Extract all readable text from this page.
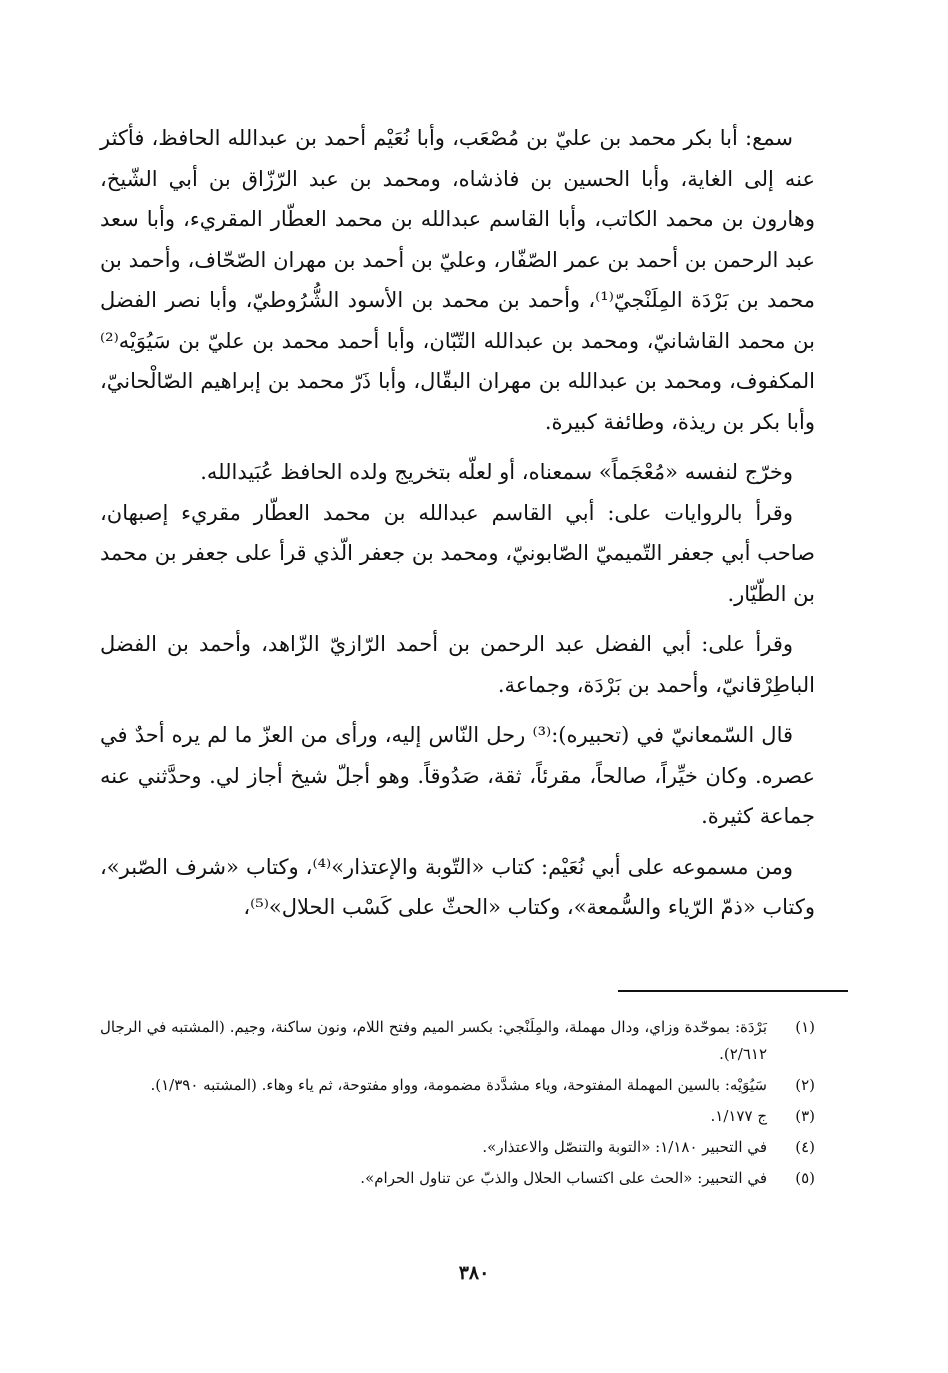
سمع: أبا بكر محمد بن عليّ بن مُصْعَب، وأبا نُعَيْم أحمد بن عبدالله الحافظ، فأكثر عنه إلى الغاية، وأبا الحسين بن فاذشاه، ومحمد بن عبد الرّزّاق بن أبي الشّيخ، وهارون بن محمد الكاتب، وأبا القاسم عبدالله بن محمد العطّار المقريء، وأبا سعد عبد الرحمن بن أحمد بن عمر الصّفّار، وعليّ بن أحمد بن مهران الصّحّاف، وأحمد بن محمد بن بَرْدَة المِلَنْجيّ⁽¹⁾، وأحمد بن محمد بن الأسود الشُّرُوطيّ، وأبا نصر الفضل بن محمد القاشانيّ، ومحمد بن عبدالله التّبّان، وأبا أحمد محمد بن عليّ بن سَيُوَيْه⁽²⁾ المكفوف، ومحمد بن عبدالله بن مهران البقّال، وأبا ذَرّ محمد بن إبراهيم الصّالْحانيّ، وأبا بكر بن ريذة، وطائفة كبيرة.

وخرّج لنفسه «مُعْجَماً» سمعناه، أو لعلّه بتخريج ولده الحافظ عُبَيدالله.

وقرأ بالروايات على: أبي القاسم عبدالله بن محمد العطّار مقريء إصبهان، صاحب أبي جعفر التّميميّ الصّابونيّ، ومحمد بن جعفر الّذي قرأ على جعفر بن محمد بن الطّيّار.

وقرأ على: أبي الفضل عبد الرحمن بن أحمد الرّازيّ الزّاهد، وأحمد بن الفضل الباطِرْقانيّ، وأحمد بن بَرْدَة، وجماعة.

قال السّمعانيّ في (تحبيره):⁽³⁾ رحل النّاس إليه، ورأى من العزّ ما لم يره أحدٌ في عصره. وكان خيِّراً، صالحاً، مقرئاً، ثقة، صَدُوقاً. وهو أجلّ شيخ أجاز لي. وحدَّثني عنه جماعة كثيرة.

ومن مسموعه على أبي نُعَيْم: كتاب «التّوبة والإعتذار»⁽⁴⁾، وكتاب «شرف الصّبر»، وكتاب «ذمّ الرّياء والسُّمعة»، وكتاب «الحثّ على كَسْب الحلال»⁽⁵⁾،

(١)
بَرْدَة: بموحّدة وزاي، ودال مهملة، والمِلَنْجي: بكسر الميم وفتح اللام، ونون ساكنة، وجيم. (المشتبه في الرجال ٢/٦١٢).
(٢)
سَيُوَيْه: بالسين المهملة المفتوحة، وياء مشدَّدة مضمومة، وواو مفتوحة، ثم ياء وهاء. (المشتبه ١/٣٩٠).
(٣)
ج ١/١٧٧.
(٤)
في التحبير ١/١٨٠: «التوبة والتنصّل والاعتذار».
(٥)
في التحبير: «الحث على اكتساب الحلال والذبّ عن تناول الحرام».
٣٨٠
